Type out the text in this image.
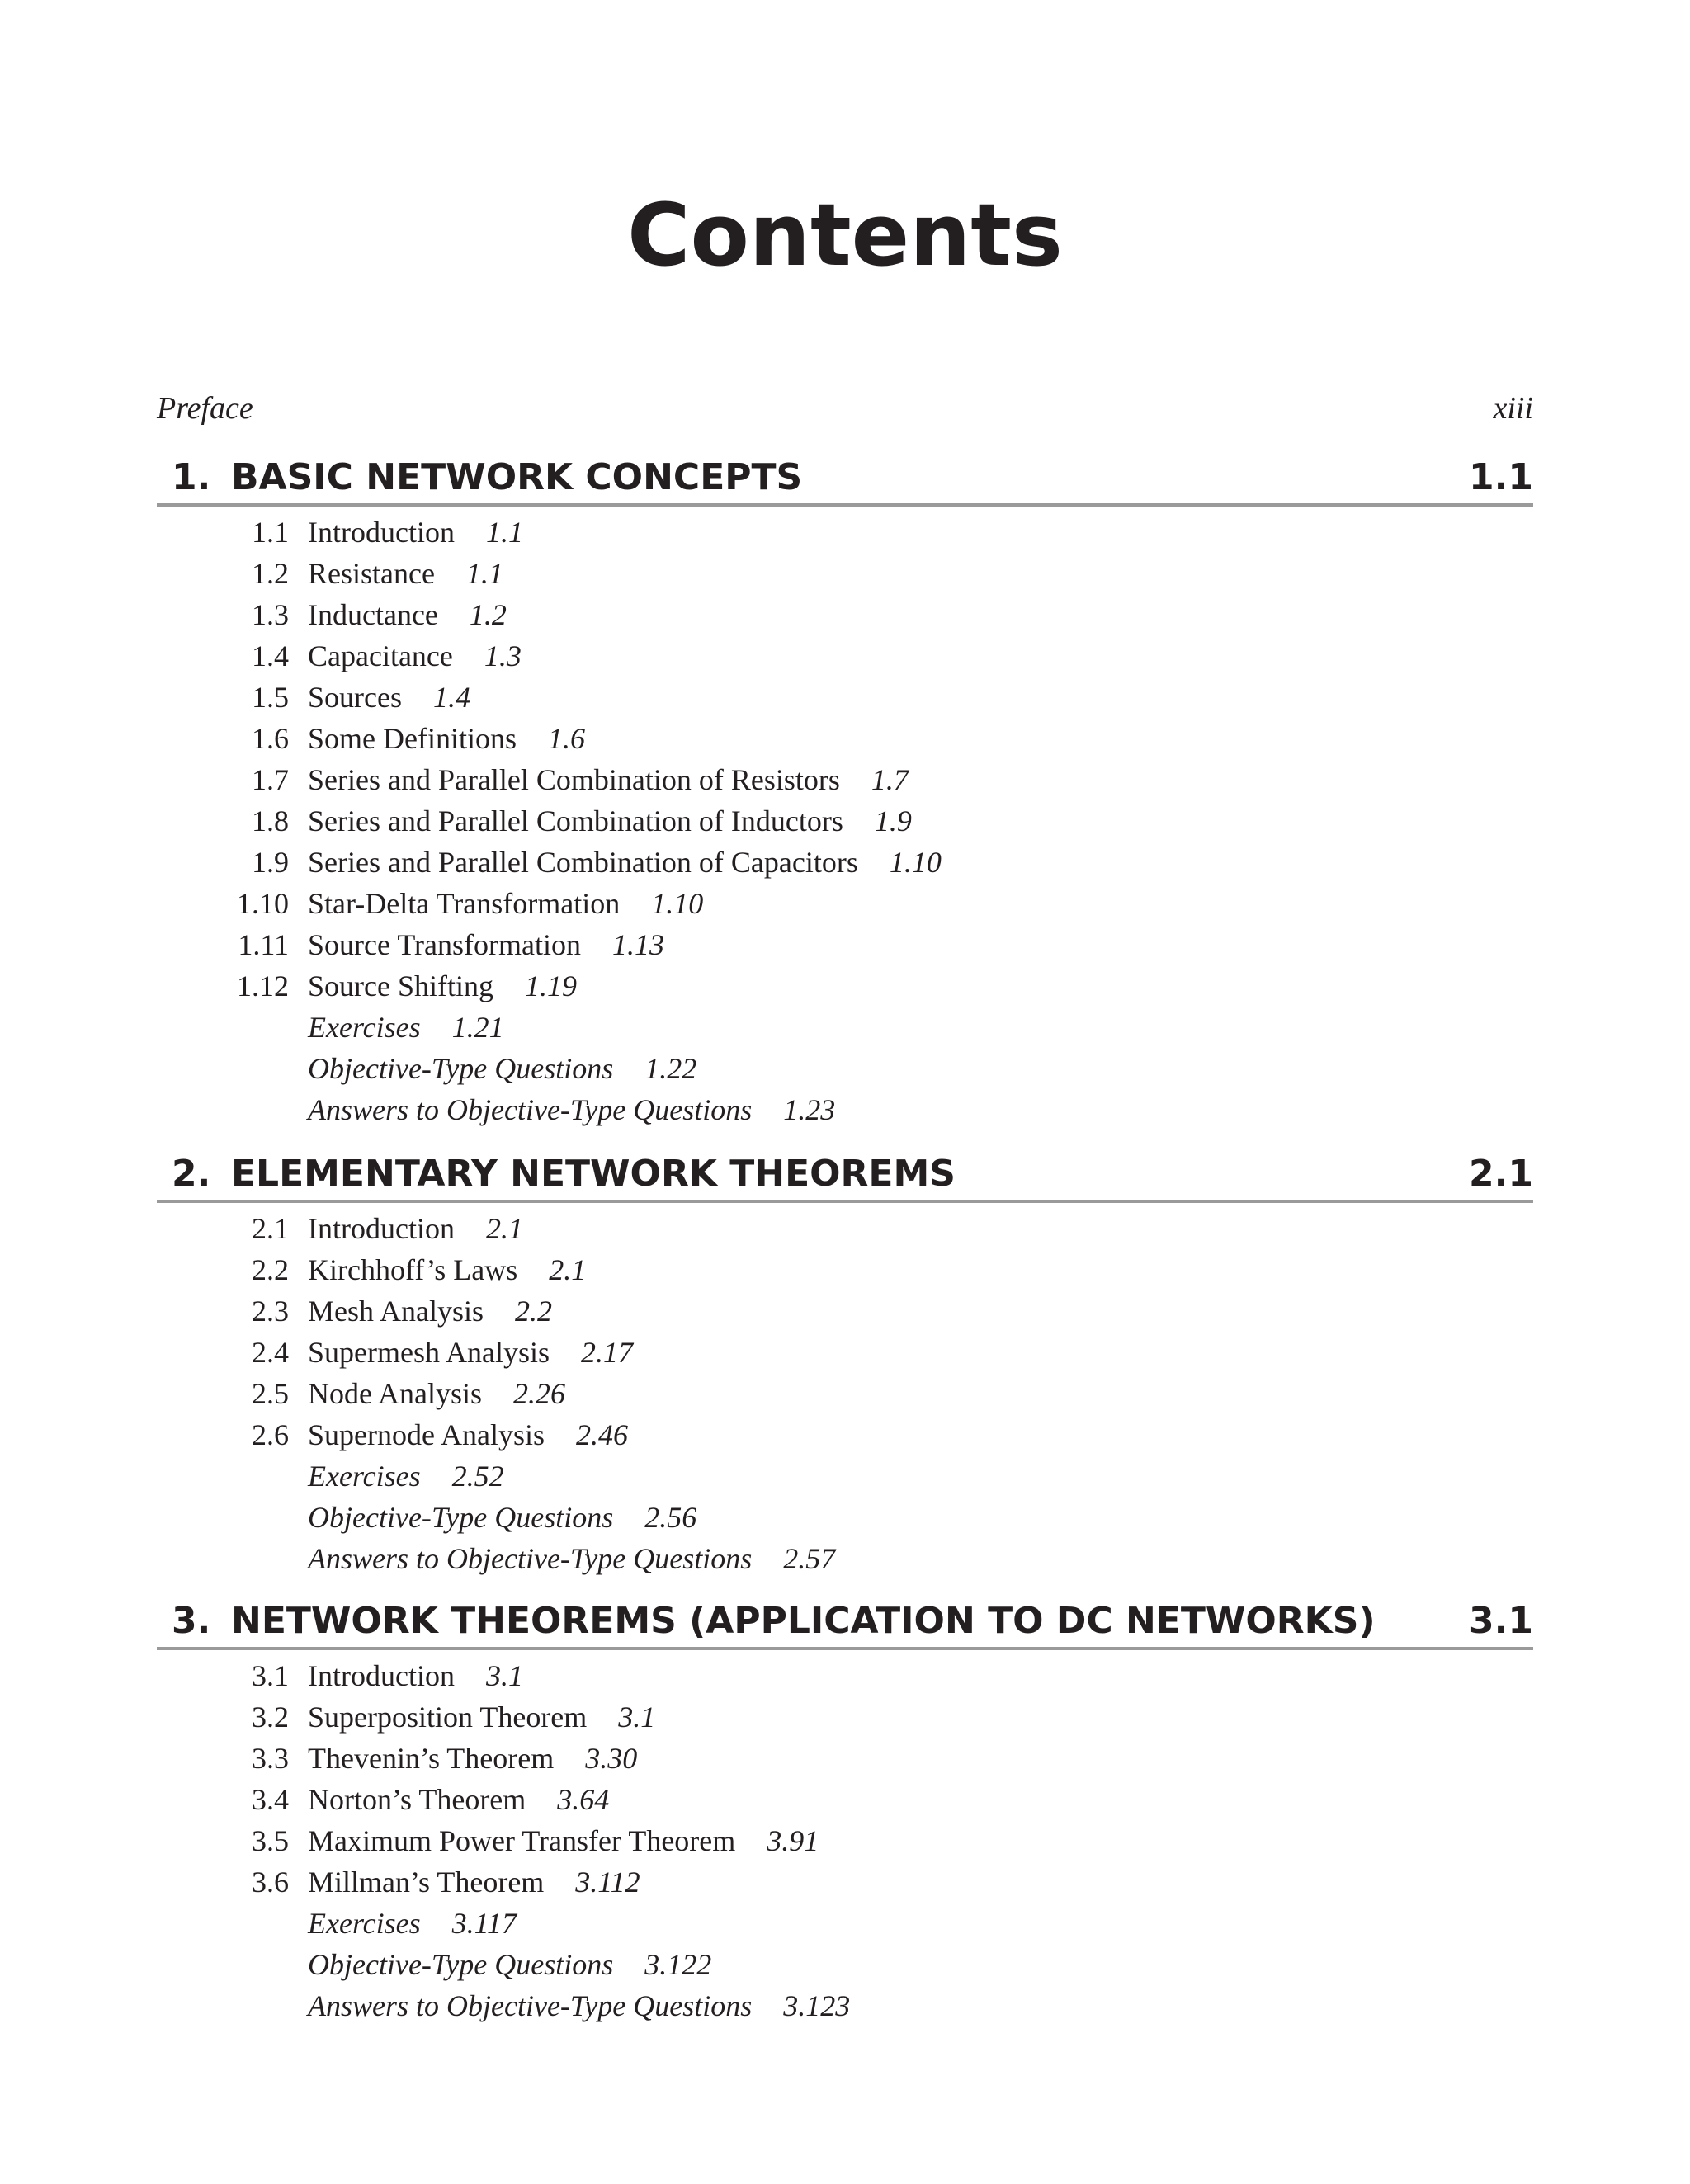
Contents
Preface	xiii
1. BASIC NETWORK CONCEPTS	1.1
1.1 Introduction 1.1
1.2 Resistance 1.1
1.3 Inductance 1.2
1.4 Capacitance 1.3
1.5 Sources 1.4
1.6 Some Definitions 1.6
1.7 Series and Parallel Combination of Resistors 1.7
1.8 Series and Parallel Combination of Inductors 1.9
1.9 Series and Parallel Combination of Capacitors 1.10
1.10 Star-Delta Transformation 1.10
1.11 Source Transformation 1.13
1.12 Source Shifting 1.19
Exercises 1.21
Objective-Type Questions 1.22
Answers to Objective-Type Questions 1.23
2. ELEMENTARY NETWORK THEOREMS	2.1
2.1 Introduction 2.1
2.2 Kirchhoff’s Laws 2.1
2.3 Mesh Analysis 2.2
2.4 Supermesh Analysis 2.17
2.5 Node Analysis 2.26
2.6 Supernode Analysis 2.46
Exercises 2.52
Objective-Type Questions 2.56
Answers to Objective-Type Questions 2.57
3. NETWORK THEOREMS (APPLICATION TO DC NETWORKS)	3.1
3.1 Introduction 3.1
3.2 Superposition Theorem 3.1
3.3 Thevenin’s Theorem 3.30
3.4 Norton’s Theorem 3.64
3.5 Maximum Power Transfer Theorem 3.91
3.6 Millman’s Theorem 3.112
Exercises 3.117
Objective-Type Questions 3.122
Answers to Objective-Type Questions 3.123
